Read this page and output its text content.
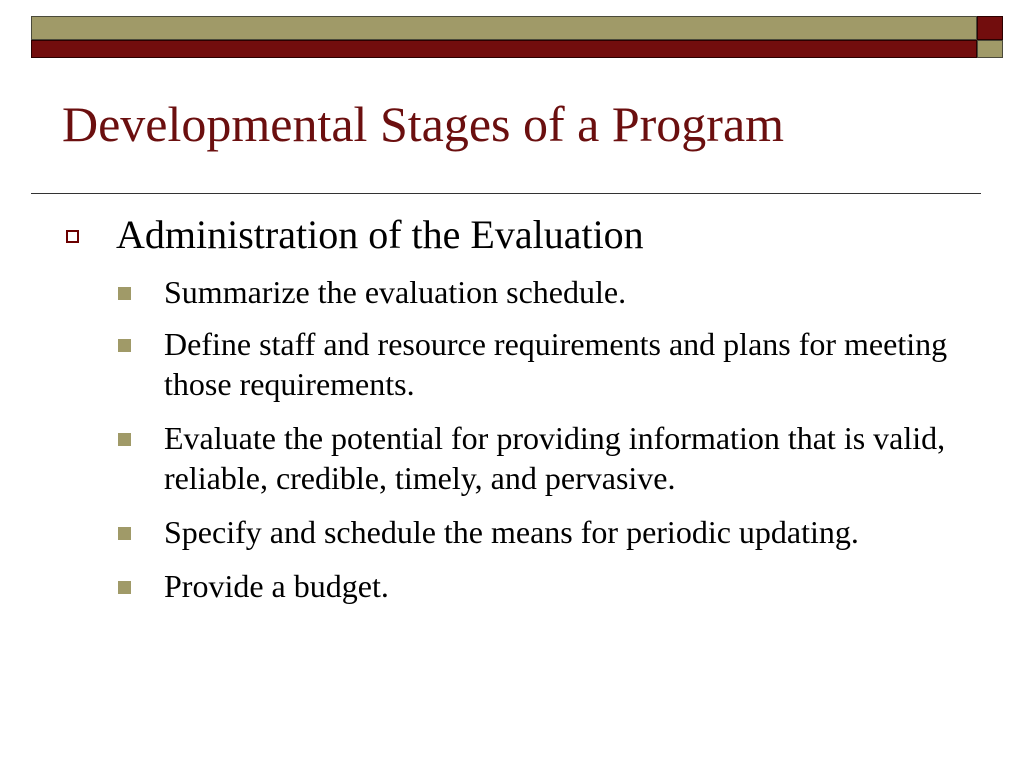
Developmental Stages of a Program
Administration of the Evaluation
Summarize the evaluation schedule.
Define staff and resource requirements and plans for meeting those requirements.
Evaluate the potential for providing information that is valid, reliable, credible, timely, and pervasive.
Specify and schedule the means for periodic updating.
Provide a budget.
